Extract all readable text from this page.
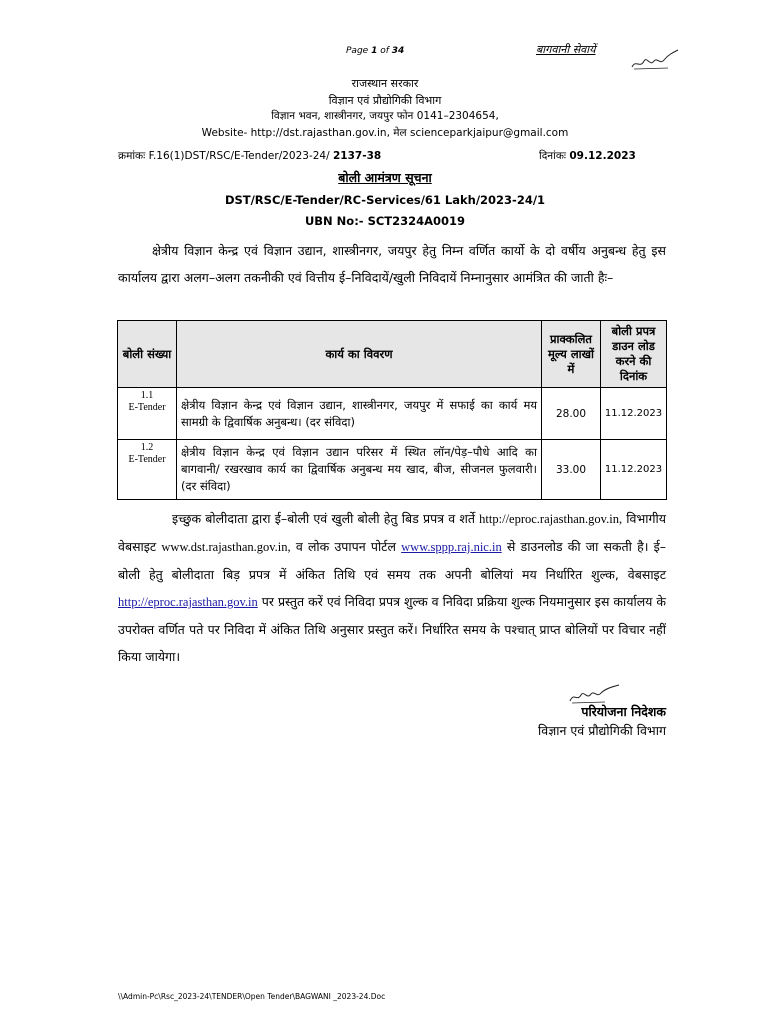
Page 1 of 34	बागवानी सेवायें
राजस्थान सरकार
विज्ञान एवं प्रौद्योगिकी विभाग
विज्ञान भवन, शास्त्रीनगर, जयपुर फोन 0141–2304654,
Website- http://dst.rajasthan.gov.in, मेल scienceparkjaipur@gmail.com
क्रमांकः F.16(1)DST/RSC/E-Tender/2023-24/ 2137-38	दिनांकः 09.12.2023
बोली आमंत्रण सूचना
DST/RSC/E-Tender/RC-Services/61 Lakh/2023-24/1
UBN No:- SCT2324A0019
क्षेत्रीय विज्ञान केन्द्र एवं विज्ञान उद्यान, शास्त्रीनगर, जयपुर हेतु निम्न वर्णित कार्यो के दो वर्षीय अनुबन्ध हेतु इस कार्यालय द्वारा अलग–अलग तकनीकी एवं वित्तीय ई–निविदायें/खुली निविदायें निम्नानुसार आमंत्रित की जाती हैः–
बोली संख्या	कार्य का विवरण	प्राक्कलित मूल्य लाखों में	बोली प्रपत्र डाउन लोड करने की दिनांक
1.1
E-Tender	क्षेत्रीय विज्ञान केन्द्र एवं विज्ञान उद्यान, शास्त्रीनगर, जयपुर में सफाई का कार्य मय सामग्री के द्विवार्षिक अनुबन्ध। (दर संविदा)	28.00	11.12.2023
1.2
E-Tender	क्षेत्रीय विज्ञान केन्द्र एवं विज्ञान उद्यान परिसर में स्थित लॉन/पेड़–पौधे आदि का बागवानी/ रखरखाव कार्य का द्विवार्षिक अनुबन्ध मय खाद, बीज, सीजनल फुलवारी। (दर संविदा)	33.00	11.12.2023
इच्छुक बोलीदाता द्वारा ई–बोली एवं खुली बोली हेतु बिड प्रपत्र व शर्ते http://eproc.rajasthan.gov.in, विभागीय वेबसाइट www.dst.rajasthan.gov.in, व लोक उपापन पोर्टल www.sppp.raj.nic.in से डाउनलोड की जा सकती है। ई–बोली हेतु बोलीदाता बिड़ प्रपत्र में अंकित तिथि एवं समय तक अपनी बोलियां मय निर्धारित शुल्क, वेबसाइट http://eproc.rajasthan.gov.in पर प्रस्तुत करें एवं निविदा प्रपत्र शुल्क व निविदा प्रक्रिया शुल्क नियमानुसार इस कार्यालय के उपरोक्त वर्णित पते पर निविदा में अंकित तिथि अनुसार प्रस्तुत करें। निर्धारित समय के पश्चात् प्राप्त बोलियों पर विचार नहीं किया जायेगा।
परियोजना निदेशक
विज्ञान एवं प्रौद्योगिकी विभाग
\\Admin-Pc\Rsc_2023-24\TENDER\Open Tender\BAGWANI _2023-24.Doc
